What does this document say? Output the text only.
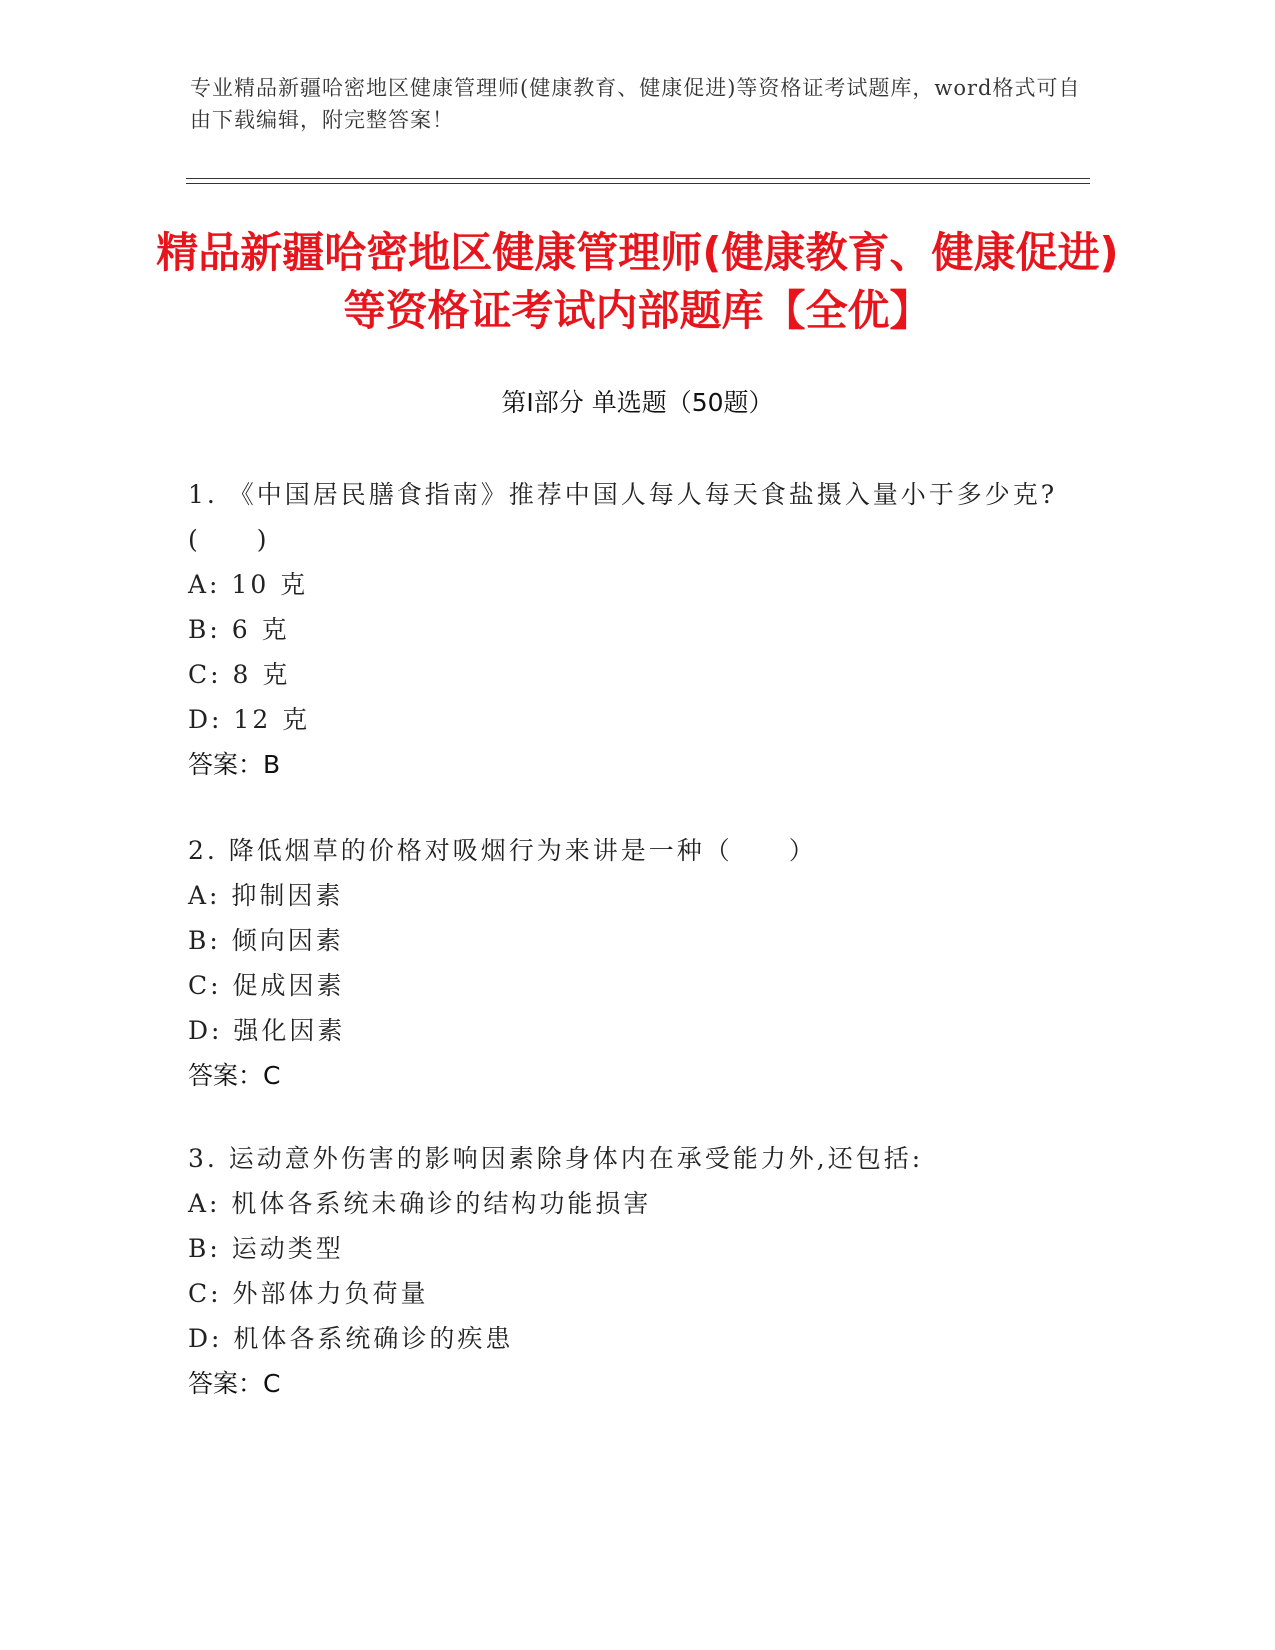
专业精品新疆哈密地区健康管理师(健康教育、健康促进)等资格证考试题库，word格式可自由下载编辑，附完整答案！
精品新疆哈密地区健康管理师(健康教育、健康促进)等资格证考试内部题库【全优】
第Ⅰ部分 单选题（50题）
1. 《中国居民膳食指南》推荐中国人每人每天食盐摄入量小于多少克?(　　)
A: 10 克
B: 6 克
C: 8 克
D: 12 克
答案：B
2. 降低烟草的价格对吸烟行为来讲是一种（　　）
A: 抑制因素
B: 倾向因素
C: 促成因素
D: 强化因素
答案：C
3. 运动意外伤害的影响因素除身体内在承受能力外,还包括:
A: 机体各系统未确诊的结构功能损害
B: 运动类型
C: 外部体力负荷量
D: 机体各系统确诊的疾患
答案：C
